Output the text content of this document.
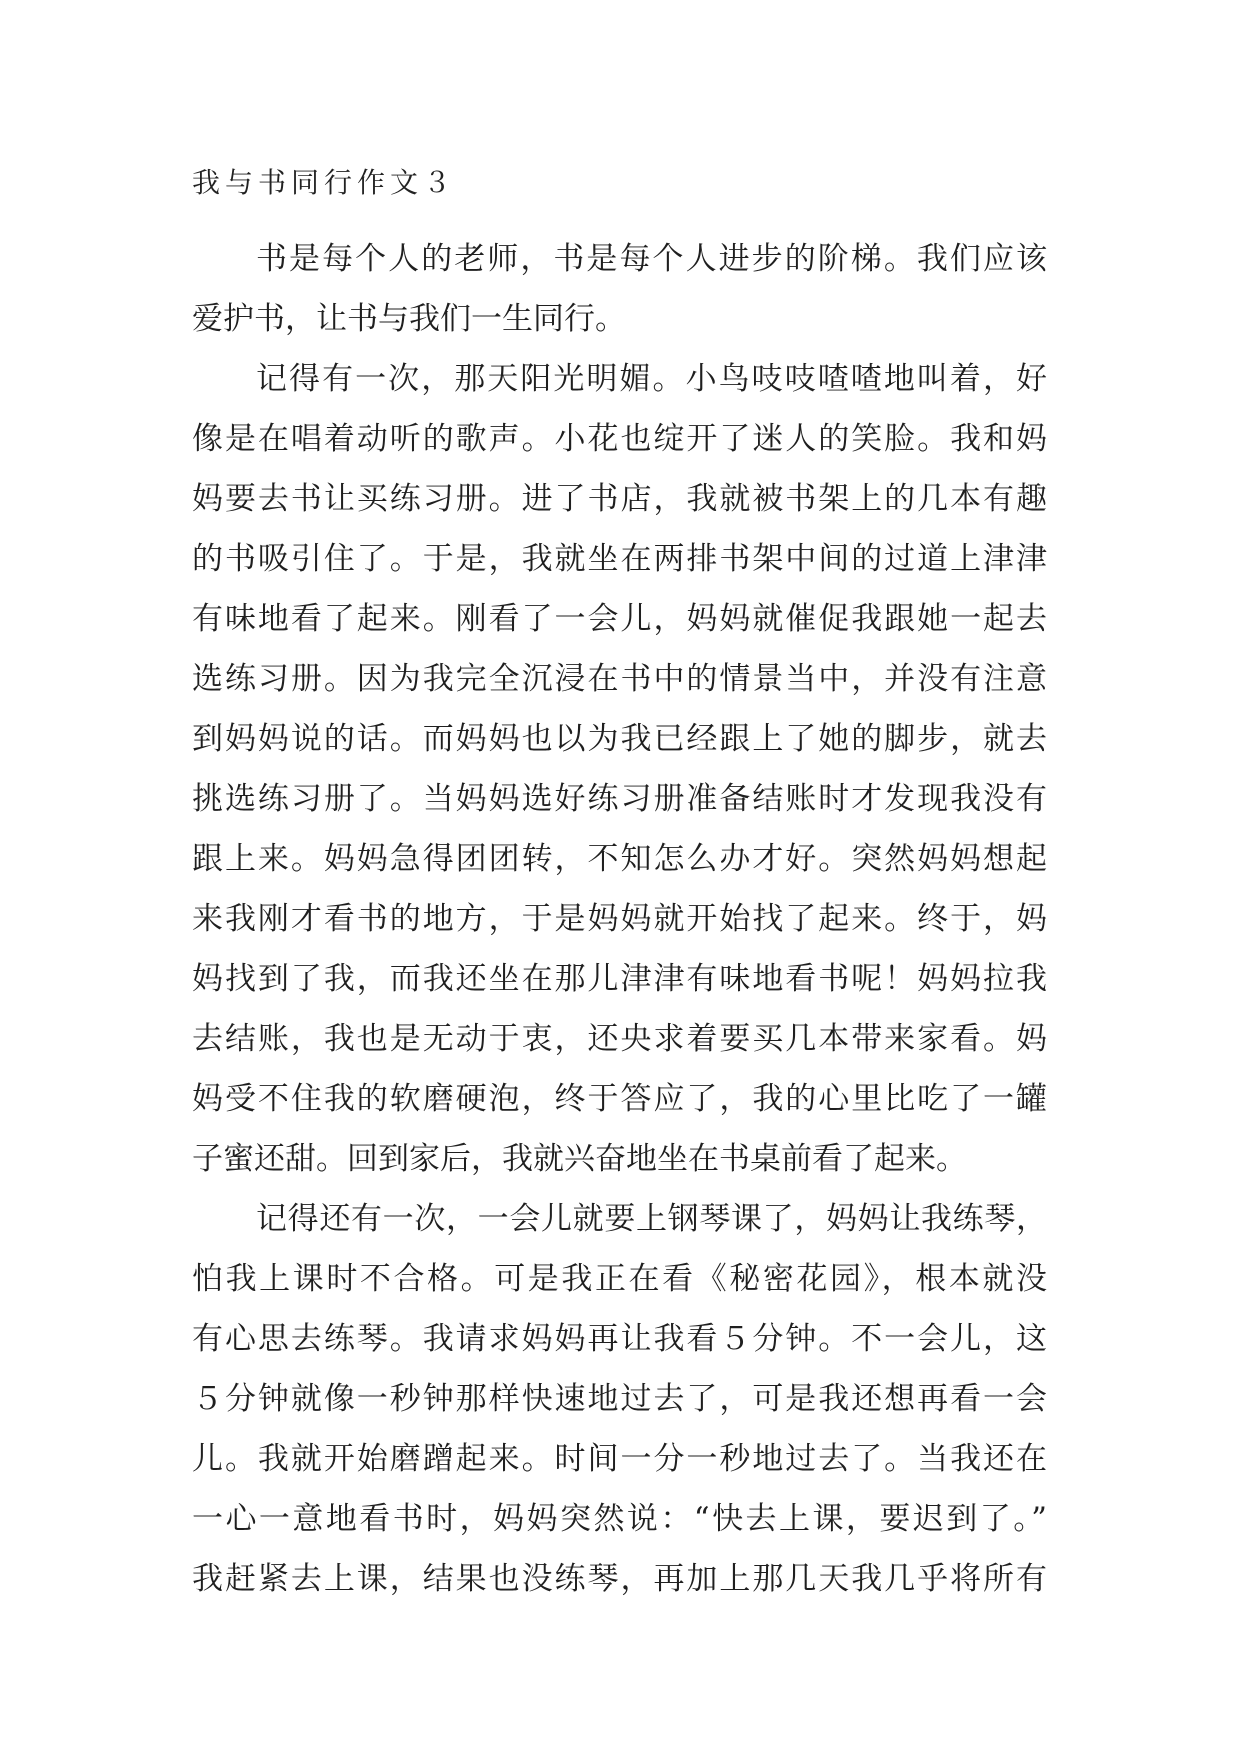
我与书同行作文３
书是每个人的老师，书是每个人进步的阶梯。我们应该
爱护书，让书与我们一生同行。
记得有一次，那天阳光明媚。小鸟吱吱喳喳地叫着，好
像是在唱着动听的歌声。小花也绽开了迷人的笑脸。我和妈
妈要去书让买练习册。进了书店，我就被书架上的几本有趣
的书吸引住了。于是，我就坐在两排书架中间的过道上津津
有味地看了起来。刚看了一会儿，妈妈就催促我跟她一起去
选练习册。因为我完全沉浸在书中的情景当中，并没有注意
到妈妈说的话。而妈妈也以为我已经跟上了她的脚步，就去
挑选练习册了。当妈妈选好练习册准备结账时才发现我没有
跟上来。妈妈急得团团转，不知怎么办才好。突然妈妈想起
来我刚才看书的地方，于是妈妈就开始找了起来。终于，妈
妈找到了我，而我还坐在那儿津津有味地看书呢！妈妈拉我
去结账，我也是无动于衷，还央求着要买几本带来家看。妈
妈受不住我的软磨硬泡，终于答应了，我的心里比吃了一罐
子蜜还甜。回到家后，我就兴奋地坐在书桌前看了起来。
记得还有一次，一会儿就要上钢琴课了，妈妈让我练琴，
怕我上课时不合格。可是我正在看《秘密花园》，根本就没
有心思去练琴。我请求妈妈再让我看５分钟。不一会儿，这
５分钟就像一秒钟那样快速地过去了，可是我还想再看一会
儿。我就开始磨蹭起来。时间一分一秒地过去了。当我还在
一心一意地看书时，妈妈突然说：“快去上课，要迟到了。”
我赶紧去上课，结果也没练琴，再加上那几天我几乎将所有
